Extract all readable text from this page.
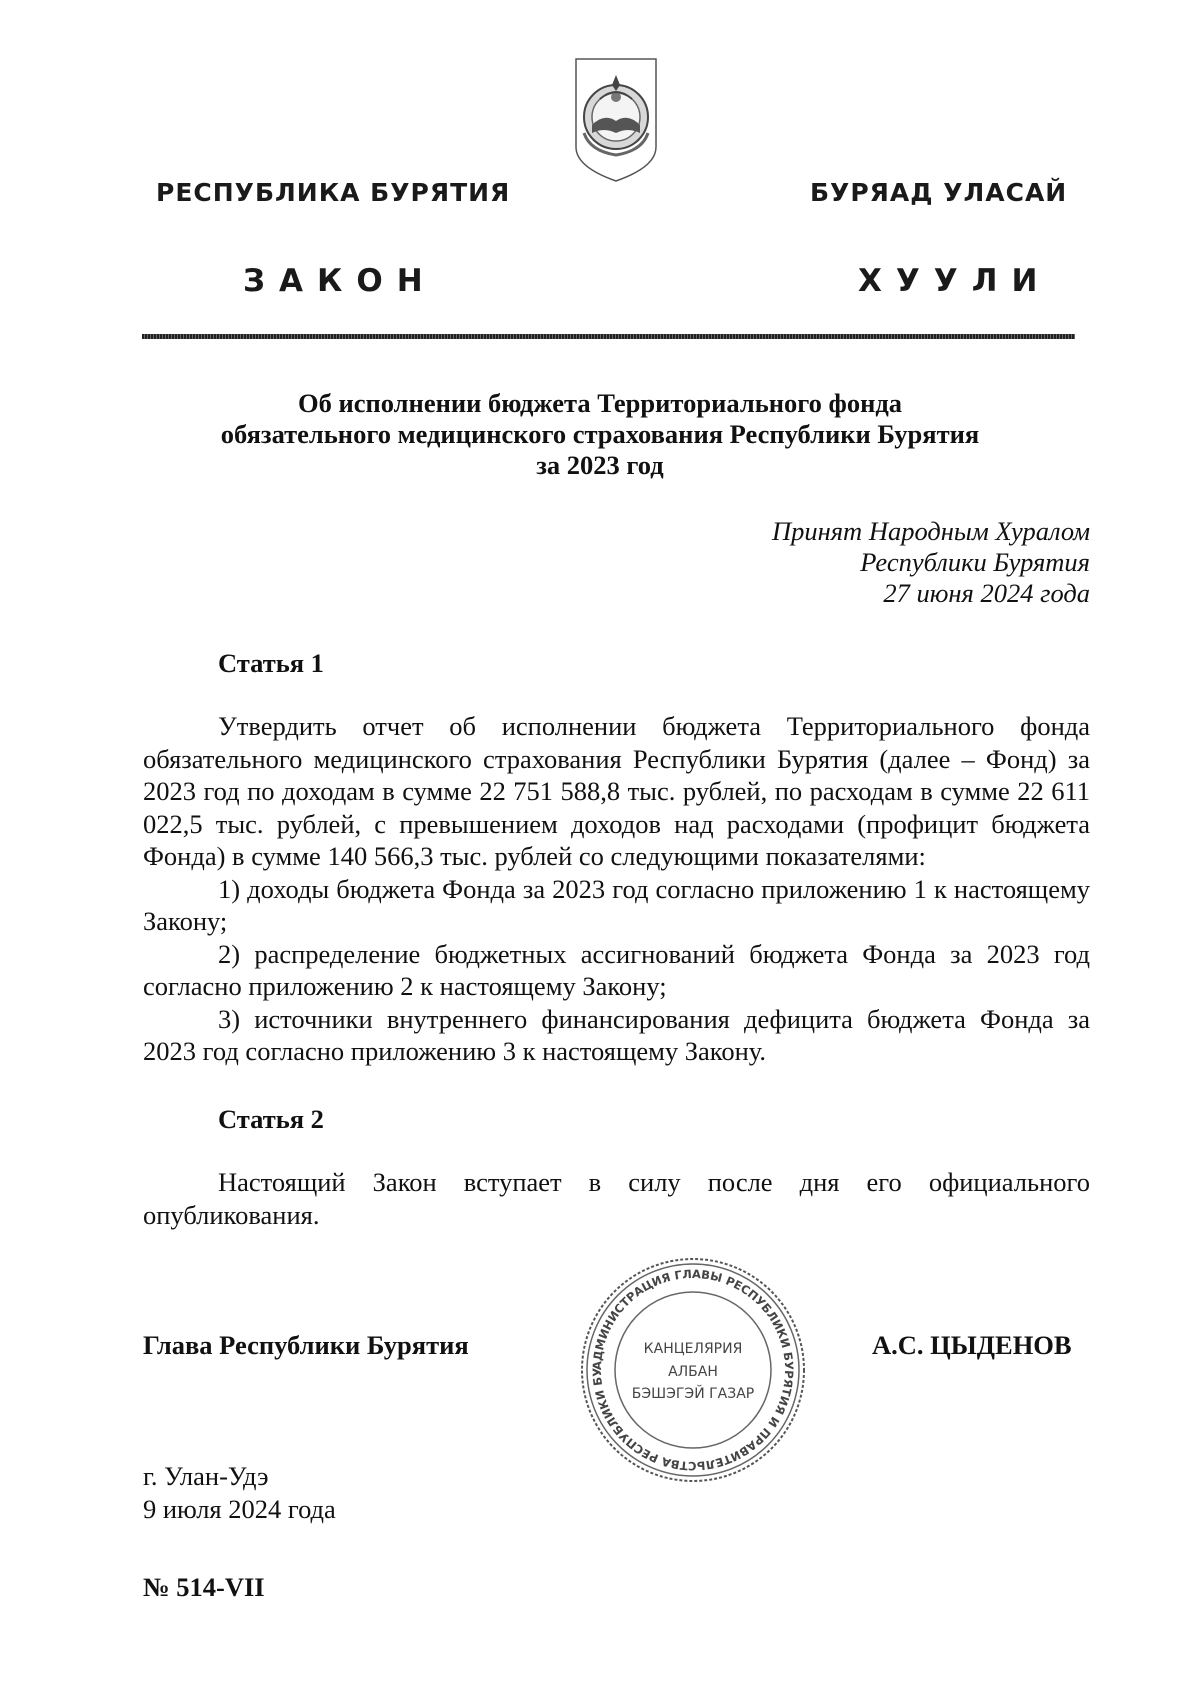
РЕСПУБЛИКА БУРЯТИЯ	БУРЯАД УЛАСАЙ
ЗАКОН	ХУУЛИ
Об исполнении бюджета Территориального фонда
обязательного медицинского страхования Республики Бурятия
за 2023 год
Принят Народным Хуралом
Республики Бурятия
27 июня 2024 года
Статья 1

Утвердить отчет об исполнении бюджета Территориального фонда обязательного медицинского страхования Республики Бурятия (далее – Фонд) за 2023 год по доходам в сумме 22 751 588,8 тыс. рублей, по расходам в сумме 22 611 022,5 тыс. рублей, с превышением доходов над расходами (профицит бюджета Фонда) в сумме 140 566,3 тыс. рублей со следующими показателями:

1) доходы бюджета Фонда за 2023 год согласно приложению 1 к настоящему Закону;

2) распределение бюджетных ассигнований бюджета Фонда за 2023 год согласно приложению 2 к настоящему Закону;

3) источники внутреннего финансирования дефицита бюджета Фонда за 2023 год согласно приложению 3 к настоящему Закону.

Статья 2

Настоящий Закон вступает в силу после дня его официального опубликования.

Глава Республики Бурятия	А.С. ЦЫДЕНОВ
АДМИНИСТРАЦИЯ ГЛАВЫ РЕСПУБЛИКИ БУРЯТИЯ И ПРАВИТЕЛЬСТВА РЕСПУБЛИКИ БУ
КАНЦЕЛЯРИЯ
АЛБАН
БЭШЭГЭЙ ГАЗАР
г. Улан-Удэ
9 июля 2024 года
№ 514-VII
